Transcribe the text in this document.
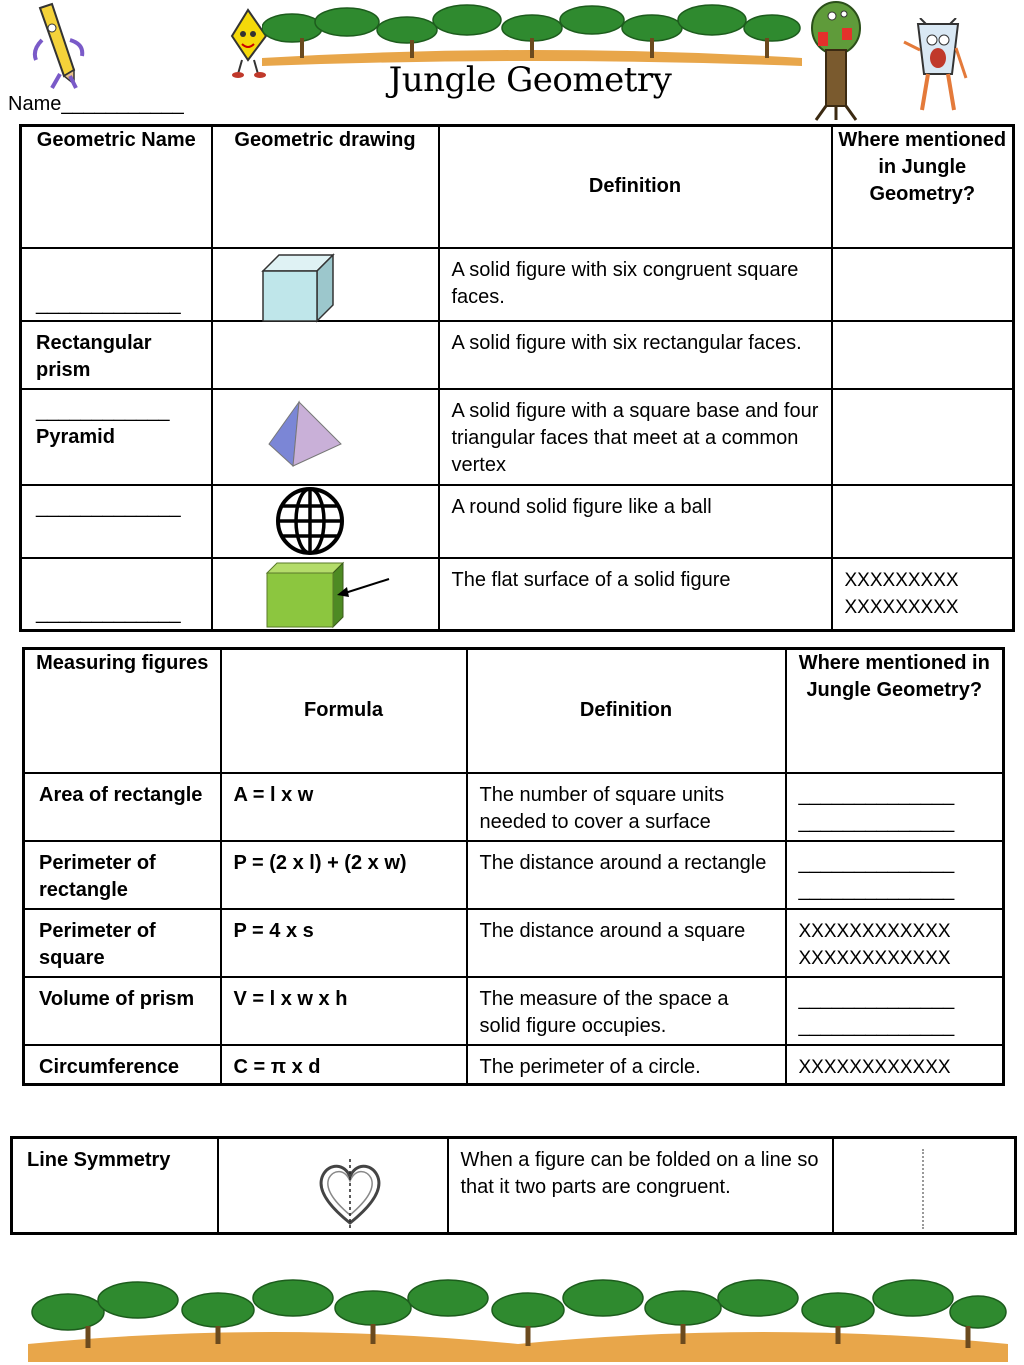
Jungle Geometry
Name___________
Geometric Name	Geometric drawing	Definition	Where mentioned in Jungle Geometry?

_____________		A solid figure with six congruent square faces.	
Rectangular prism		A solid figure with six rectangular faces.	

____________
Pyramid		A solid figure with a square base and four triangular faces that meet at a common vertex	
_____________		A round solid figure like a ball	

_____________		The flat surface of a solid figure	XXXXXXXXX XXXXXXXXX
Measuring figures	Formula	Definition	Where mentioned in Jungle Geometry?
Area of rectangle	A = l x w	The number of square units needed to cover a surface	______________ ______________
Perimeter of rectangle	P = (2 x l) + (2 x w)	The distance around a rectangle	______________ ______________
Perimeter of square	P = 4 x s	The distance around a square	XXXXXXXXXXXX XXXXXXXXXXXX
Volume of prism	V = l x w x h	The measure of the space a solid figure occupies.	______________ ______________
Circumference	C = π x d	The perimeter of a circle.	XXXXXXXXXXXX
Line Symmetry		When a figure can be folded on a line so that it two parts are congruent.	
